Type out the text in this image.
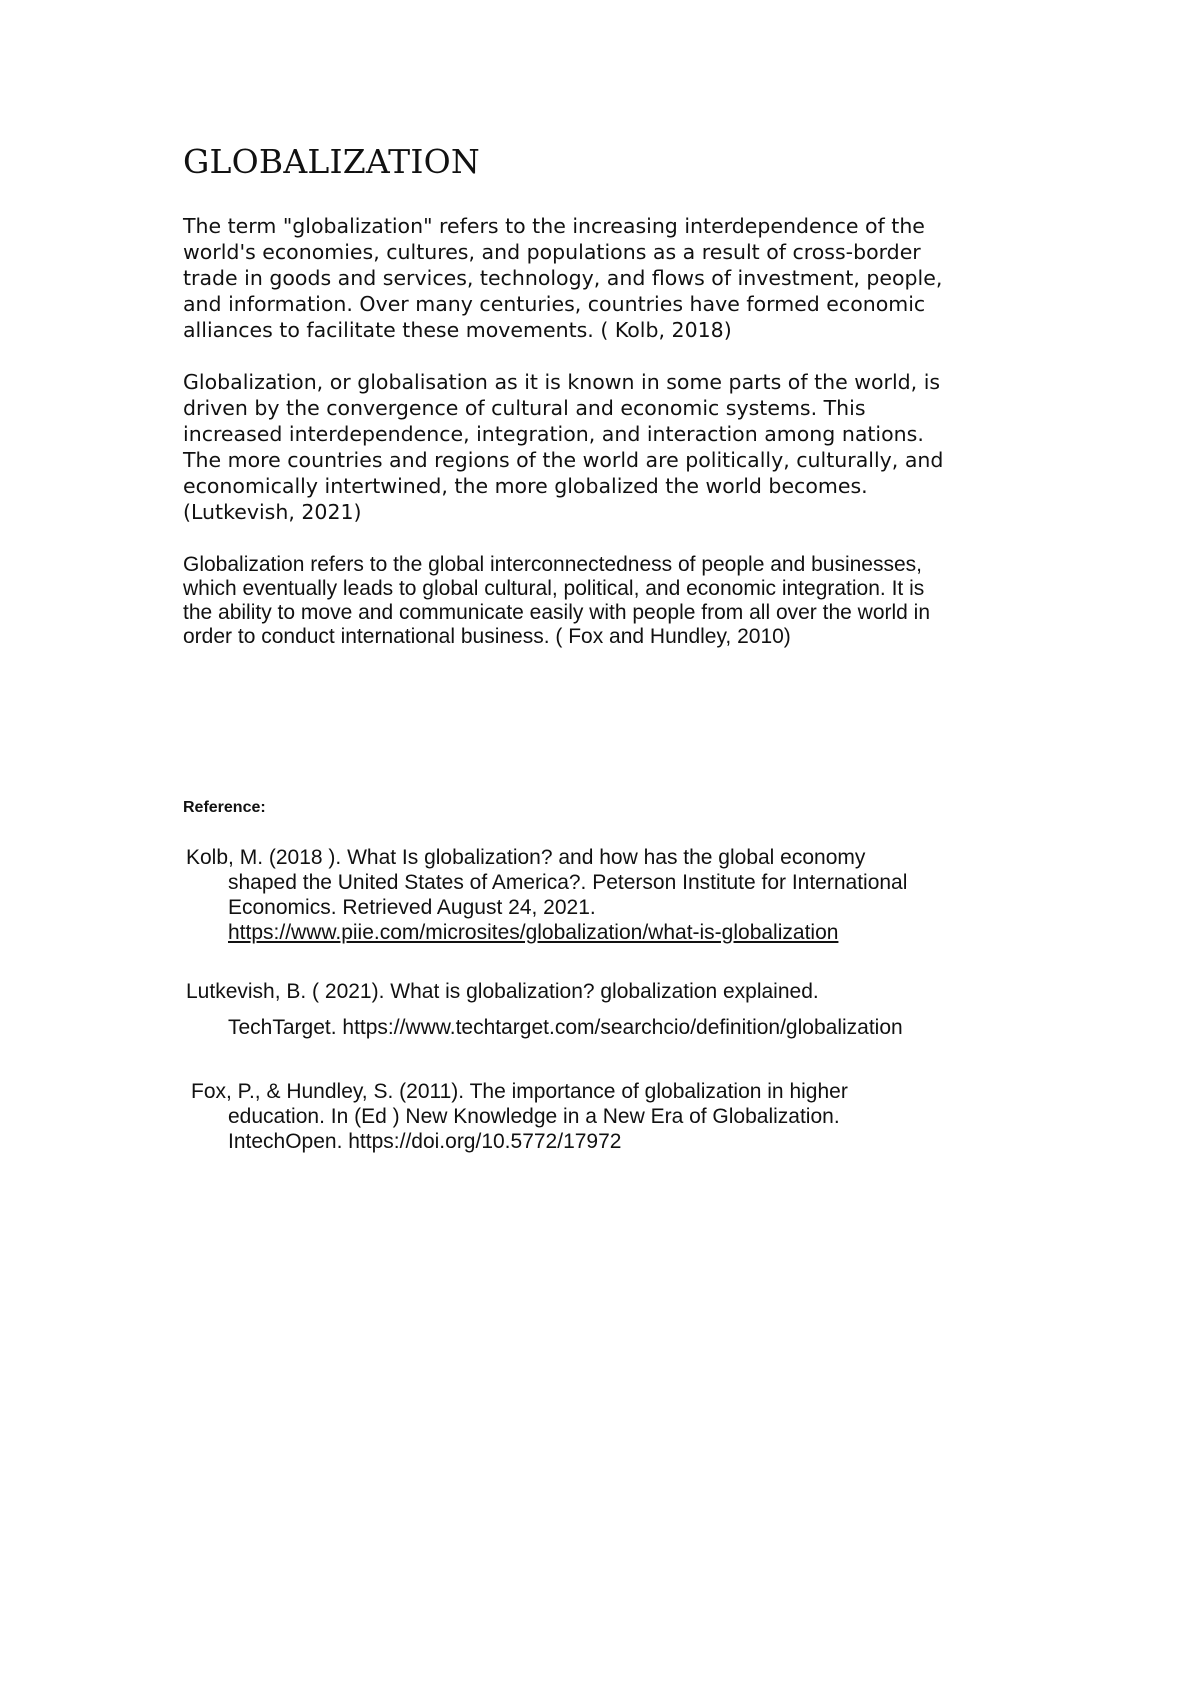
GLOBALIZATION

The term "globalization" refers to the increasing interdependence of the
world's economies, cultures, and populations as a result of cross-border
trade in goods and services, technology, and flows of investment, people,
and information. Over many centuries, countries have formed economic
alliances to facilitate these movements. ( Kolb, 2018)

Globalization, or globalisation as it is known in some parts of the world, is
driven by the convergence of cultural and economic systems. This
increased interdependence, integration, and interaction among nations.
The more countries and regions of the world are politically, culturally, and
economically intertwined, the more globalized the world becomes.
(Lutkevish, 2021)

Globalization refers to the global interconnectedness of people and businesses,
which eventually leads to global cultural, political, and economic integration. It is
the ability to move and communicate easily with people from all over the world in
order to conduct international business. ( Fox and Hundley, 2010)

Reference:
Kolb, M. (2018 ). What Is globalization? and how has the global economy
shaped the United States of America?. Peterson Institute for International
Economics. Retrieved August 24, 2021.
https://www.piie.com/microsites/globalization/what-is-globalization
Lutkevish, B. ( 2021). What is globalization? globalization explained.
TechTarget. https://www.techtarget.com/searchcio/definition/globalization
Fox, P., & Hundley, S. (2011). The importance of globalization in higher
education. In (Ed ) New Knowledge in a New Era of Globalization.
IntechOpen. https://doi.org/10.5772/17972
